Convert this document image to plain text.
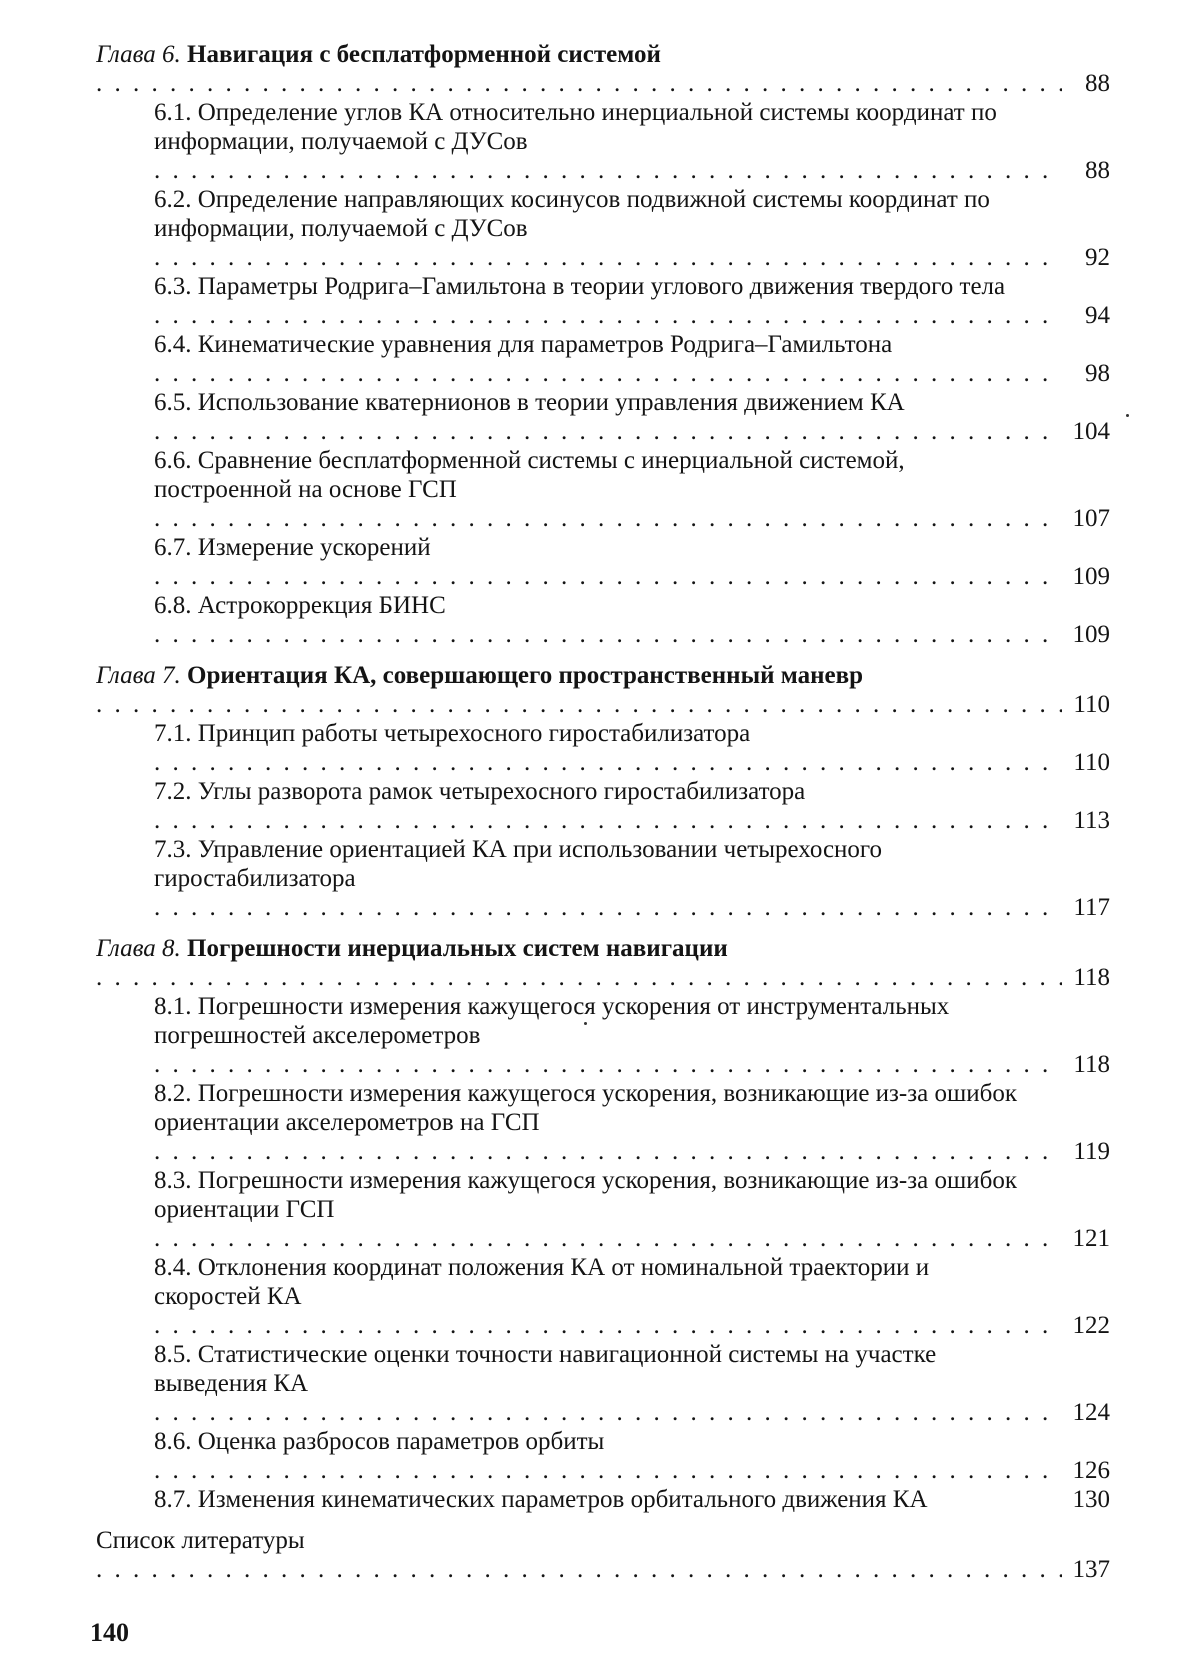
Глава 6. Навигация с бесплатформенной системой . . .
88
6.1. Определение углов КА относительно инерциальной системы координат по информации, получаемой с ДУСов . . .
88
6.2. Определение направляющих косинусов подвижной системы координат по информации, получаемой с ДУСов . . .
92
6.3. Параметры Родрига–Гамильтона в теории углового движения твердого тела . . .
94
6.4. Кинематические уравнения для параметров Родрига–Гамильтона . . .
98
6.5. Использование кватернионов в теории управления движением КА . . .
104
6.6. Сравнение бесплатформенной системы с инерциальной системой, построенной на основе ГСП . . .
107
6.7. Измерение ускорений . . .
109
6.8. Астрокоррекция БИНС . . .
109
Глава 7. Ориентация КА, совершающего пространственный маневр . . .
110
7.1. Принцип работы четырехосного гиростабилизатора . . .
110
7.2. Углы разворота рамок четырехосного гиростабилизатора . . .
113
7.3. Управление ориентацией КА при использовании четырехосного гиростабилизатора . . .
117
Глава 8. Погрешности инерциальных систем навигации . . .
118
8.1. Погрешности измерения кажущегося ускорения от инструментальных погрешностей акселерометров . . .
118
8.2. Погрешности измерения кажущегося ускорения, возникающие из-за ошибок ориентации акселерометров на ГСП . . .
119
8.3. Погрешности измерения кажущегося ускорения, возникающие из-за ошибок ориентации ГСП . . .
121
8.4. Отклонения координат положения КА от номинальной траектории и скоростей КА . . .
122
8.5. Статистические оценки точности навигационной системы на участке выведения КА . . .
124
8.6. Оценка разбросов параметров орбиты . . .
126
8.7. Изменения кинематических параметров орбитального движения КА	130
Список литературы . . .
137
140
